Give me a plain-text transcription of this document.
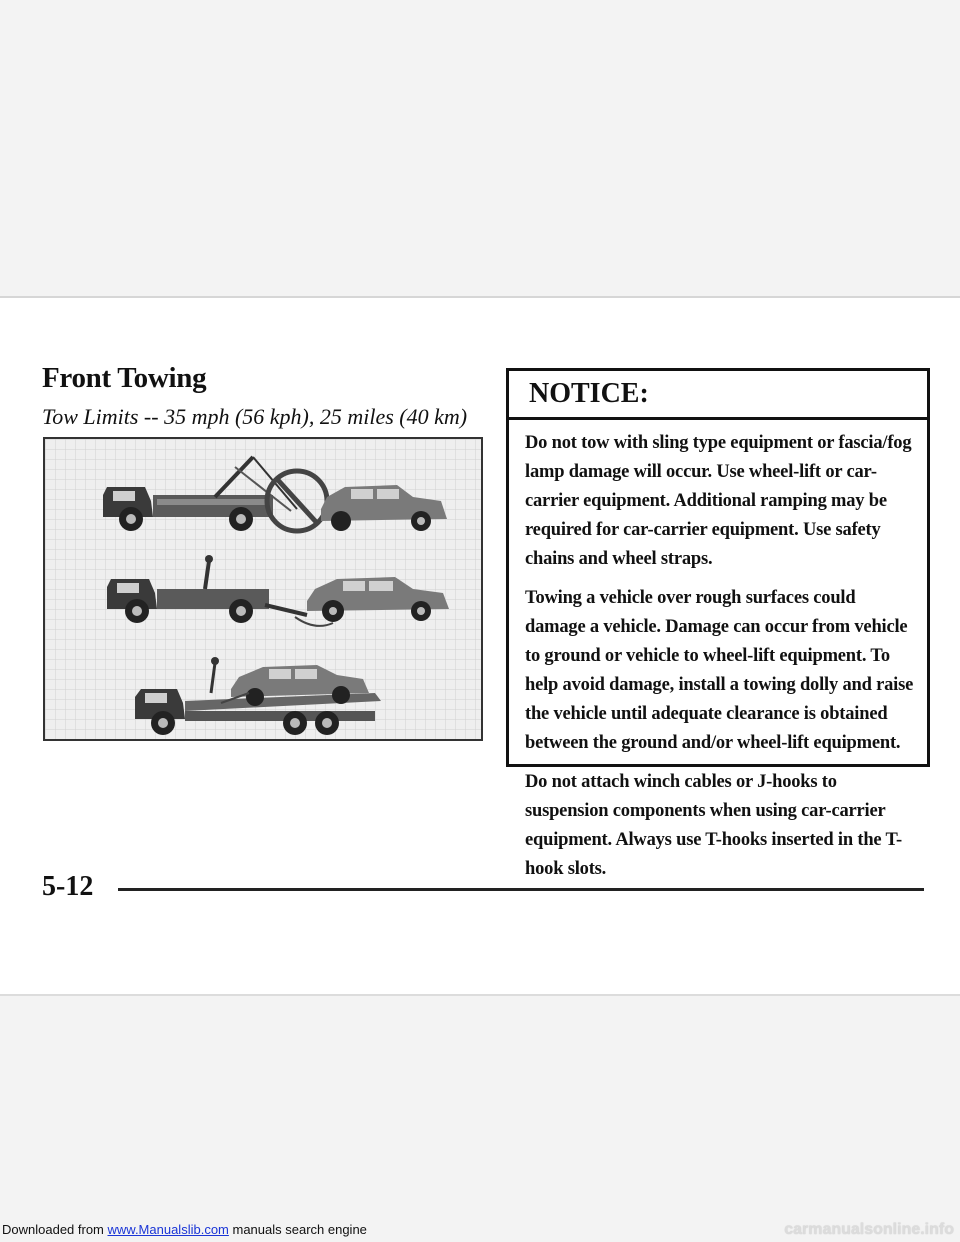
Front Towing

Tow Limits -- 35 mph (56 kph), 25 miles (40 km)

NOTICE:

Do not tow with sling type equipment or fascia/fog lamp damage will occur. Use wheel-lift or car-carrier equipment. Additional ramping may be required for car-carrier equipment. Use safety chains and wheel straps.

Towing a vehicle over rough surfaces could damage a vehicle. Damage can occur from vehicle to ground or vehicle to wheel-lift equipment. To help avoid damage, install a towing dolly and raise the vehicle until adequate clearance is obtained between the ground and/or wheel-lift equipment.

Do not attach winch cables or J-hooks to suspension components when using car-carrier equipment. Always use T-hooks inserted in the T-hook slots.

5-12

Downloaded from www.Manualslib.com manuals search engine	carmanualsonline.info
